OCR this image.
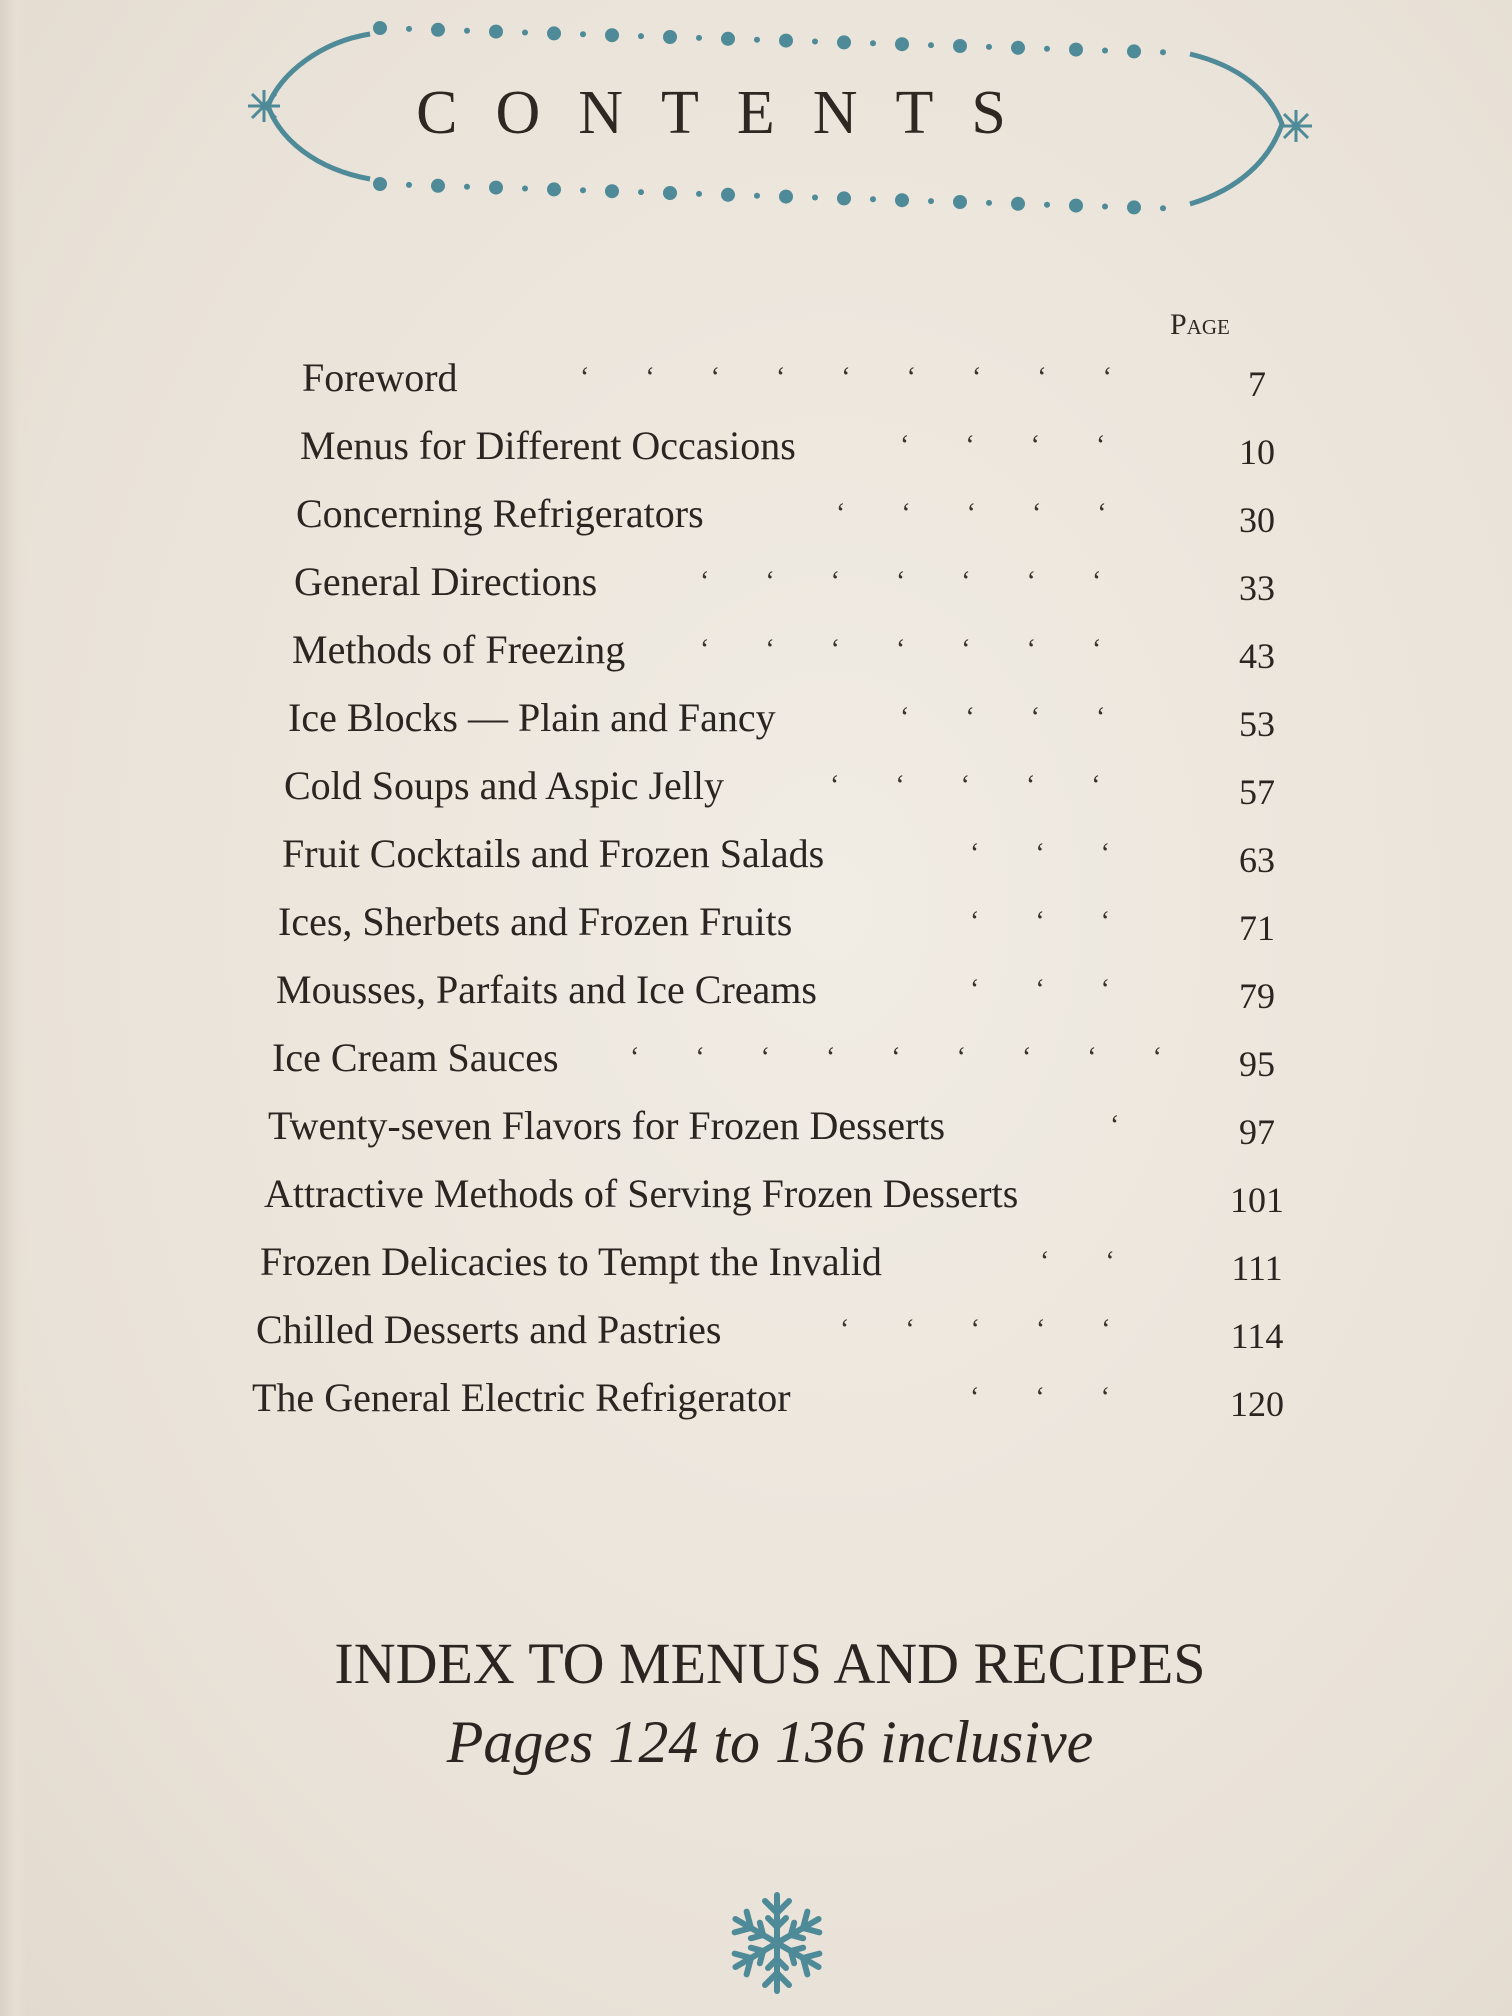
CONTENTS
Page
Foreword	ʻ  ʻ  ʻ  ʻ  ʻ  ʻ  ʻ  ʻ  ʻ	7
Menus for Different Occasions	ʻ  ʻ  ʻ  ʻ	10
Concerning Refrigerators	ʻ  ʻ  ʻ  ʻ  ʻ	30
General Directions	ʻ  ʻ  ʻ  ʻ  ʻ  ʻ  ʻ	33
Methods of Freezing	ʻ  ʻ  ʻ  ʻ  ʻ  ʻ  ʻ	43
Ice Blocks — Plain and Fancy	ʻ  ʻ  ʻ  ʻ	53
Cold Soups and Aspic Jelly	ʻ  ʻ  ʻ  ʻ  ʻ	57
Fruit Cocktails and Frozen Salads	ʻ  ʻ  ʻ	63
Ices, Sherbets and Frozen Fruits	ʻ  ʻ  ʻ	71
Mousses, Parfaits and Ice Creams	ʻ  ʻ  ʻ	79
Ice Cream Sauces	ʻ  ʻ  ʻ  ʻ  ʻ  ʻ  ʻ  ʻ  ʻ	95
Twenty-seven Flavors for Frozen Desserts	ʻ	97
Attractive Methods of Serving Frozen Desserts	101
Frozen Delicacies to Tempt the Invalid	ʻ  ʻ	111
Chilled Desserts and Pastries	ʻ  ʻ  ʻ  ʻ  ʻ	114
The General Electric Refrigerator	ʻ  ʻ  ʻ	120
INDEX TO MENUS AND RECIPES
Pages 124 to 136 inclusive
